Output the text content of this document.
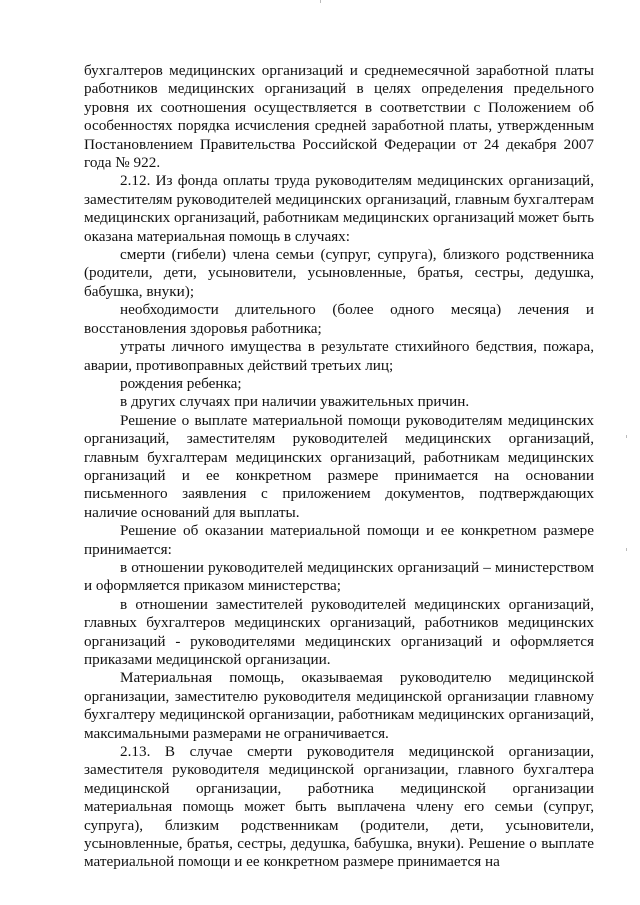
бухгалтеров медицинских организаций и среднемесячной заработной платы работников медицинских организаций в целях определения предельного уровня их соотношения осуществляется в соответствии с Положением об особенностях порядка исчисления средней заработной платы, утвержденным Постановлением Правительства Российской Федерации от 24 декабря 2007 года № 922.

2.12. Из фонда оплаты труда руководителям медицинских организаций, заместителям руководителей медицинских организаций, главным бухгалтерам медицинских организаций, работникам медицинских организаций может быть оказана материальная помощь в случаях:

смерти (гибели) члена семьи (супруг, супруга), близкого родственника (родители, дети, усыновители, усыновленные, братья, сестры, дедушка, бабушка, внуки);

необходимости длительного (более одного месяца) лечения и восстановления здоровья работника;

утраты личного имущества в результате стихийного бедствия, пожара, аварии, противоправных действий третьих лиц;

рождения ребенка;

в других случаях при наличии уважительных причин.

Решение о выплате материальной помощи руководителям медицинских организаций, заместителям руководителей медицинских организаций, главным бухгалтерам медицинских организаций, работникам медицинских организаций и ее конкретном размере принимается на основании письменного заявления с приложением документов, подтверждающих наличие оснований для выплаты.

Решение об оказании материальной помощи и ее конкретном размере принимается:

в отношении руководителей медицинских организаций – министерством и оформляется приказом министерства;

в отношении заместителей руководителей медицинских организаций, главных бухгалтеров медицинских организаций, работников медицинских организаций - руководителями медицинских организаций и оформляется приказами медицинской организации.

Материальная помощь, оказываемая руководителю медицинской организации, заместителю руководителя медицинской организации главному бухгалтеру медицинской организации, работникам медицинских организаций, максимальными размерами не ограничивается.

2.13. В случае смерти руководителя медицинской организации, заместителя руководителя медицинской организации, главного бухгалтера медицинской организации, работника медицинской организации материальная помощь может быть выплачена члену его семьи (супруг, супруга), близким родственникам (родители, дети, усыновители, усыновленные, братья, сестры, дедушка, бабушка, внуки). Решение о выплате материальной помощи и ее конкретном размере принимается на
